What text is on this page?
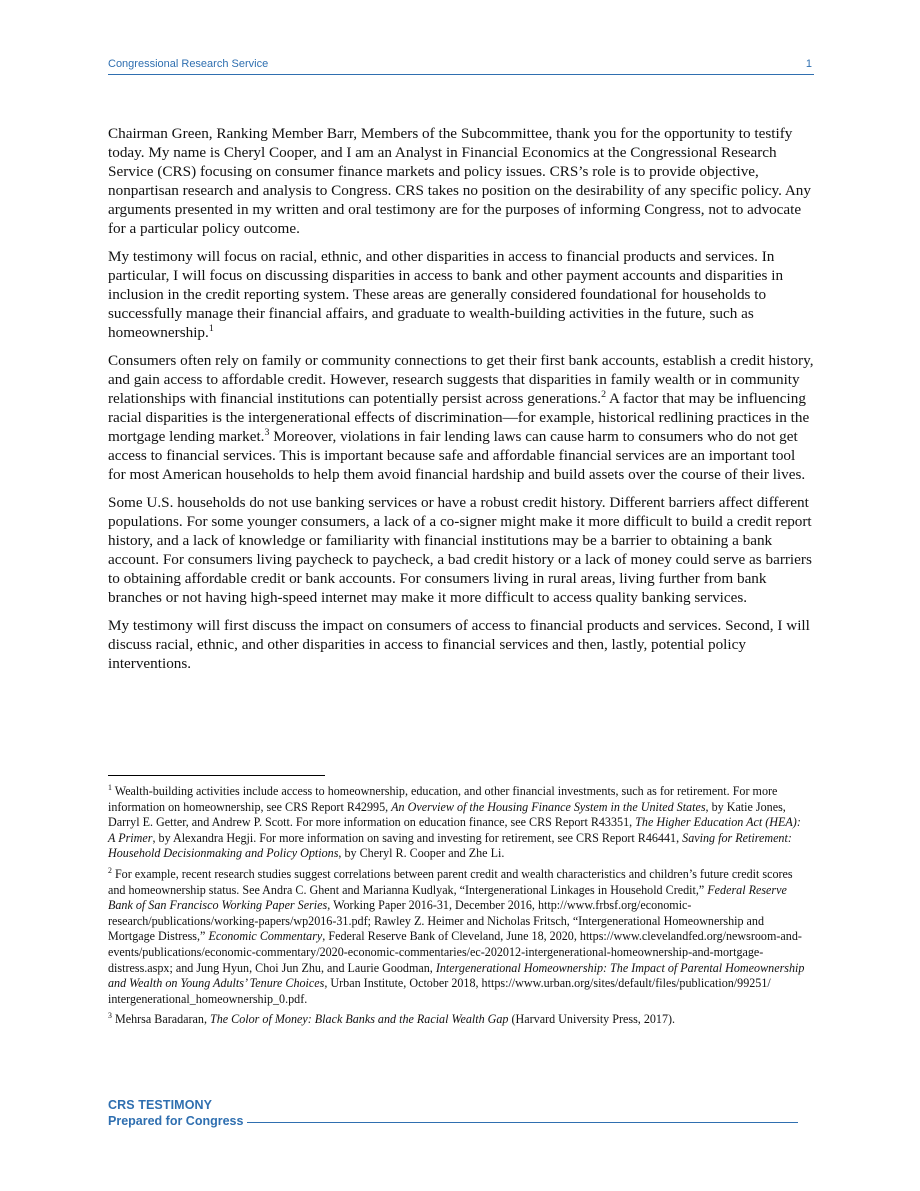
Congressional Research Service	1

Chairman Green, Ranking Member Barr, Members of the Subcommittee, thank you for the opportunity to testify today. My name is Cheryl Cooper, and I am an Analyst in Financial Economics at the Congressional Research Service (CRS) focusing on consumer finance markets and policy issues. CRS’s role is to provide objective, nonpartisan research and analysis to Congress. CRS takes no position on the desirability of any specific policy. Any arguments presented in my written and oral testimony are for the purposes of informing Congress, not to advocate for a particular policy outcome.

My testimony will focus on racial, ethnic, and other disparities in access to financial products and services. In particular, I will focus on discussing disparities in access to bank and other payment accounts and disparities in inclusion in the credit reporting system. These areas are generally considered foundational for households to successfully manage their financial affairs, and graduate to wealth-building activities in the future, such as homeownership.$^1$

Consumers often rely on family or community connections to get their first bank accounts, establish a credit history, and gain access to affordable credit. However, research suggests that disparities in family wealth or in community relationships with financial institutions can potentially persist across generations.$^2$ A factor that may be influencing racial disparities is the intergenerational effects of discrimination—for example, historical redlining practices in the mortgage lending market.$^3$ Moreover, violations in fair lending laws can cause harm to consumers who do not get access to financial services. This is important because safe and affordable financial services are an important tool for most American households to help them avoid financial hardship and build assets over the course of their lives.

Some U.S. households do not use banking services or have a robust credit history. Different barriers affect different populations. For some younger consumers, a lack of a co-signer might make it more difficult to build a credit report history, and a lack of knowledge or familiarity with financial institutions may be a barrier to obtaining a bank account. For consumers living paycheck to paycheck, a bad credit history or a lack of money could serve as barriers to obtaining affordable credit or bank accounts. For consumers living in rural areas, living further from bank branches or not having high-speed internet may make it more difficult to access quality banking services.

My testimony will first discuss the impact on consumers of access to financial products and services. Second, I will discuss racial, ethnic, and other disparities in access to financial services and then, lastly, potential policy interventions.

$^1$ Wealth-building activities include access to homeownership, education, and other financial investments, such as for retirement. For more information on homeownership, see CRS Report R42995, An Overview of the Housing Finance System in the United States, by Katie Jones, Darryl E. Getter, and Andrew P. Scott. For more information on education finance, see CRS Report R43351, The Higher Education Act (HEA): A Primer, by Alexandra Hegji. For more information on saving and investing for retirement, see CRS Report R46441, Saving for Retirement: Household Decisionmaking and Policy Options, by Cheryl R. Cooper and Zhe Li.

$^2$ For example, recent research studies suggest correlations between parent credit and wealth characteristics and children’s future credit scores and homeownership status. See Andra C. Ghent and Marianna Kudlyak, “Intergenerational Linkages in Household Credit,” Federal Reserve Bank of San Francisco Working Paper Series, Working Paper 2016-31, December 2016, http://www.frbsf.org/economic-research/publications/working-papers/wp2016-31.pdf; Rawley Z. Heimer and Nicholas Fritsch, “Intergenerational Homeownership and Mortgage Distress,” Economic Commentary, Federal Reserve Bank of Cleveland, June 18, 2020, https://www.clevelandfed.org/newsroom-and-events/publications/economic-commentary/2020-economic-commentaries/ec-202012-intergenerational-homeownership-and-mortgage-distress.aspx; and Jung Hyun, Choi Jun Zhu, and Laurie Goodman, Intergenerational Homeownership: The Impact of Parental Homeownership and Wealth on Young Adults’ Tenure Choices, Urban Institute, October 2018, https://www.urban.org/sites/default/files/publication/99251/ intergenerational_homeownership_0.pdf.

$^3$ Mehrsa Baradaran, The Color of Money: Black Banks and the Racial Wealth Gap (Harvard University Press, 2017).

CRS TESTIMONY
Prepared for Congress
